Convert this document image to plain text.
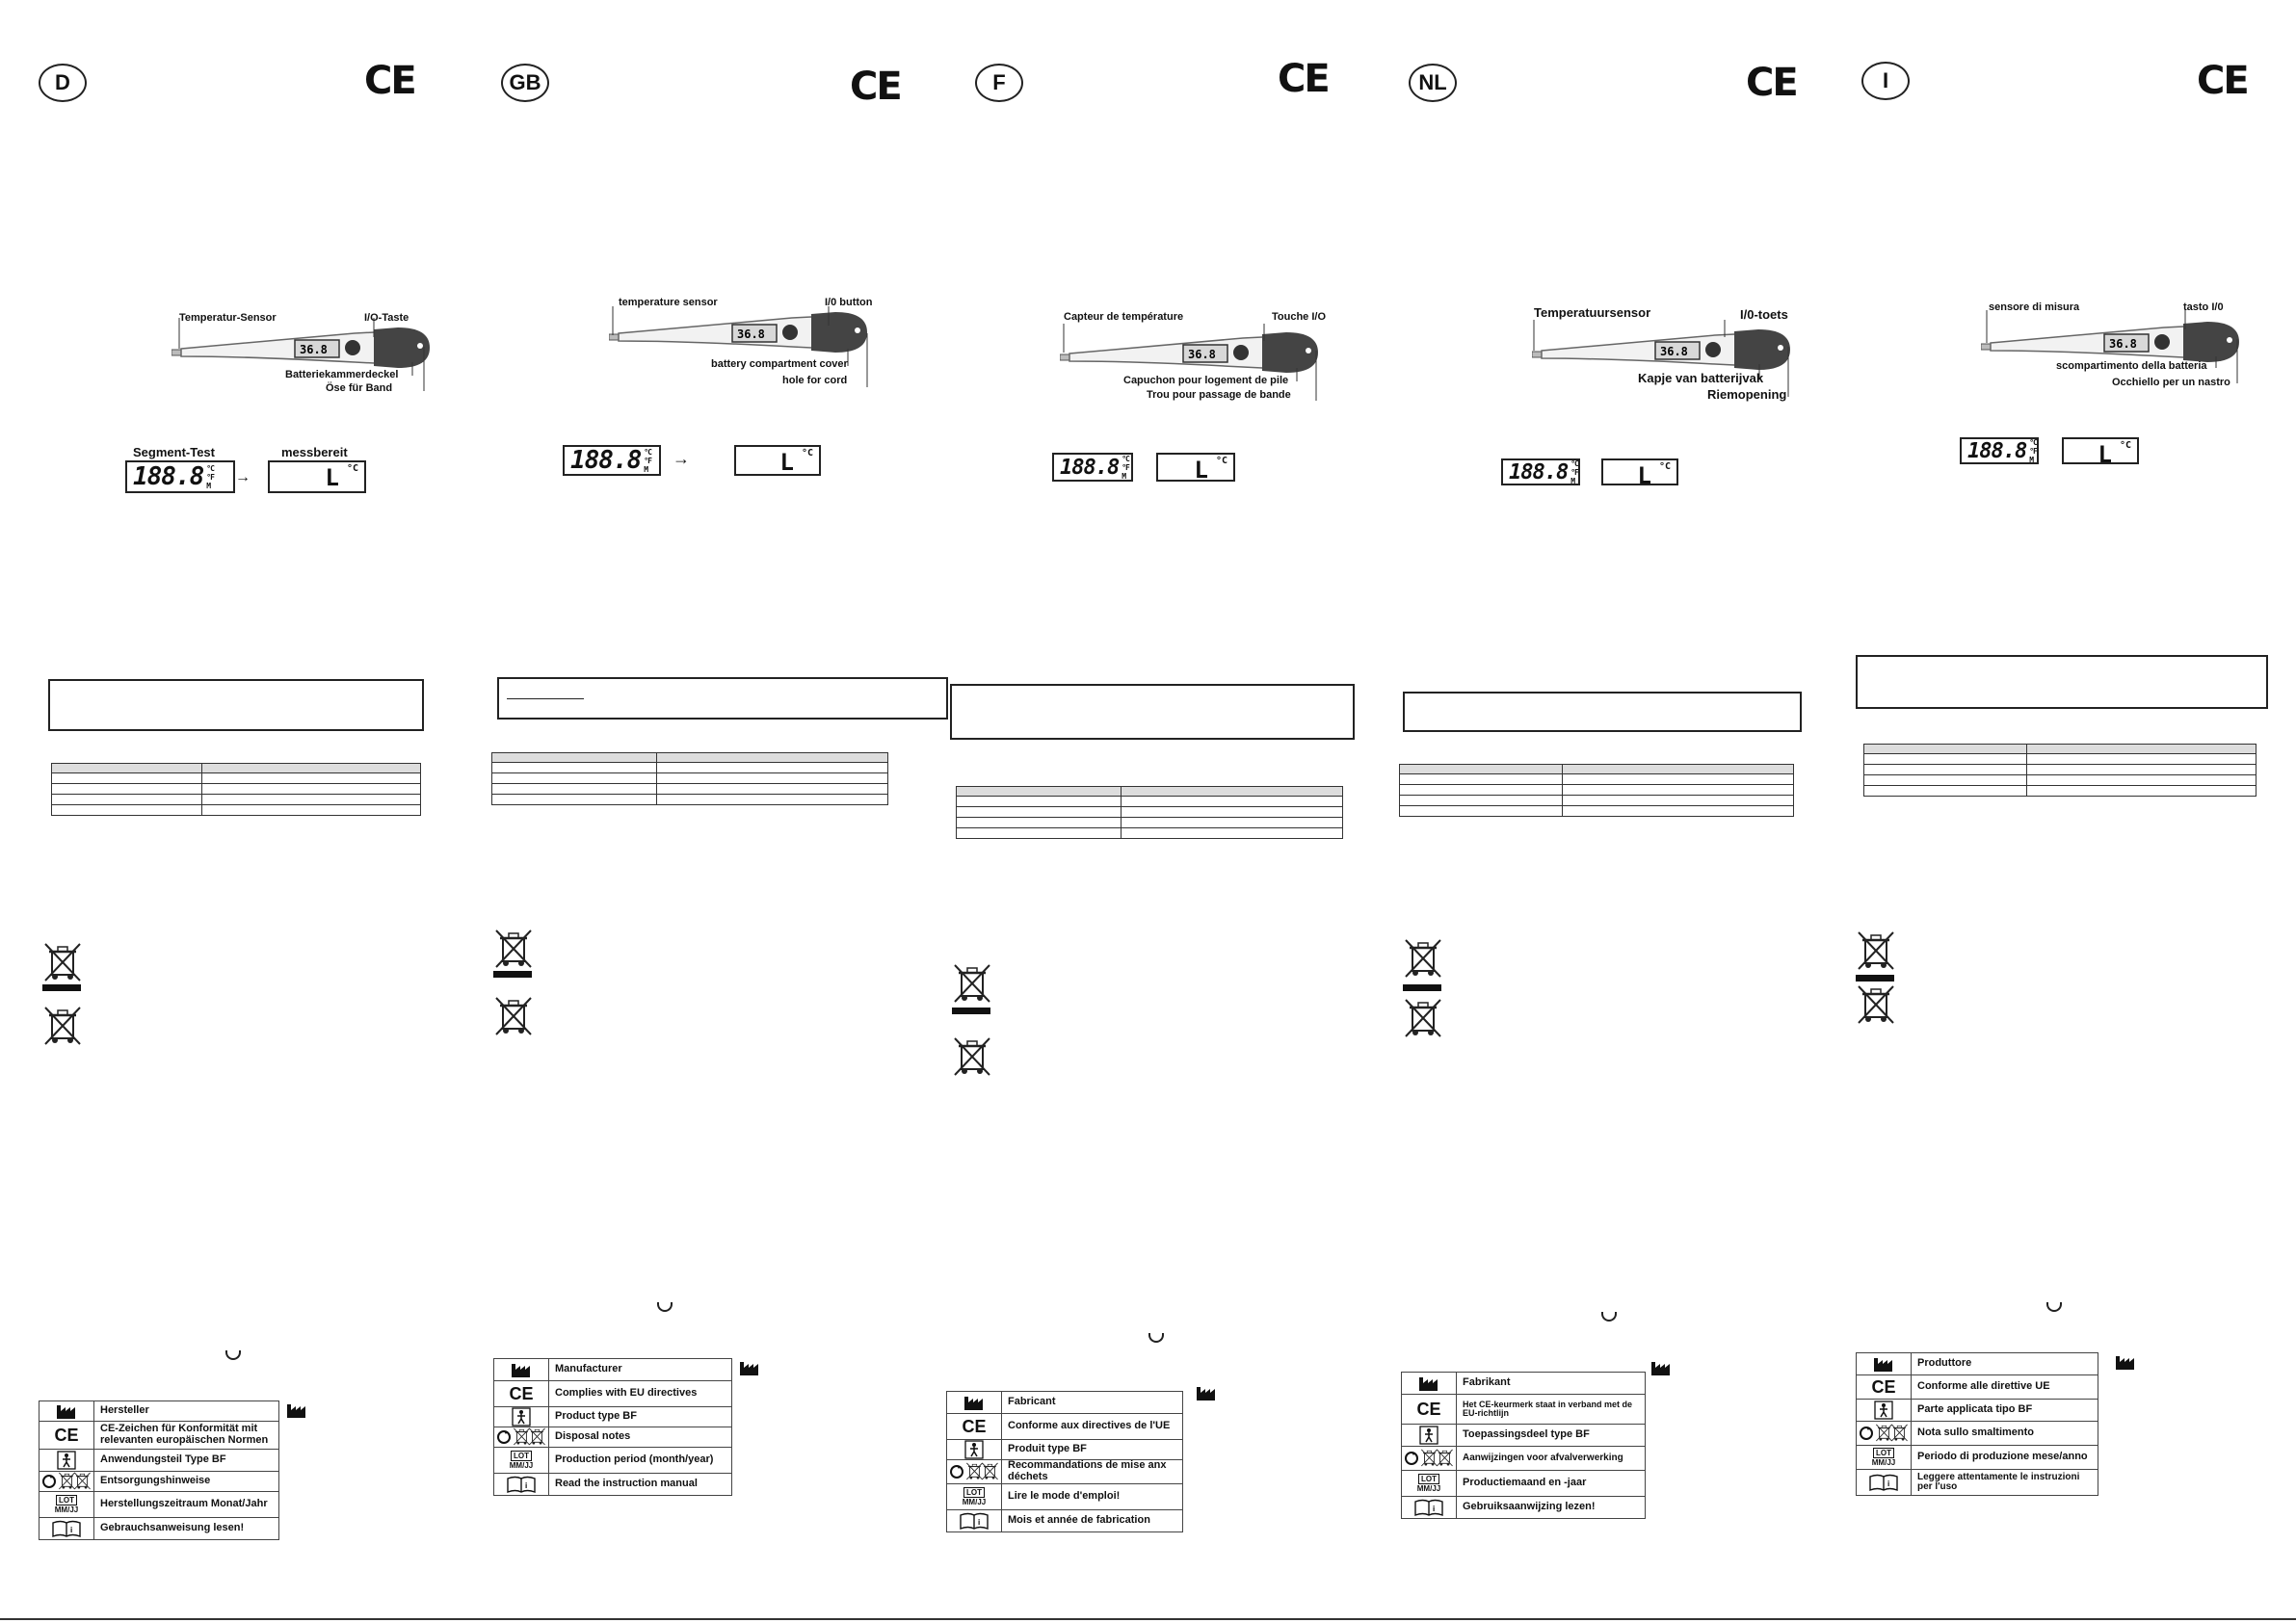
D	CE
36.8
Temperatur-Sensor	I/O-Taste
Batteriekammerdeckel
Öse für Band
Segment-Test	messbereit
188.8 °C
°F
M →	L °C

Hersteller
CE	CE-Zeichen für Konformität mit relevanten europäischen Normen
Anwendungsteil Type BF
Entsorgungshinweise
LOT
MM/JJ
Herstellungszeitraum Monat/Jahr
Gebrauchsanweisung lesen!
GB	CE
36.8
temperature sensor	I/0 button
battery compartment cover
hole for cord
188.8 °C
°F
M
→	L °C

Manufacturer
CE	Complies with EU directives
Product type BF
Disposal notes
LOT
MM/JJ
Production period (month/year)
Read the instruction manual
F	CE
36.8
Capteur de température	Touche I/O
Capuchon pour logement de pile
Trou pour passage de bande
188.8 °C
°F
M	L °C

Fabricant
CE	Conforme aux directives de l'UE
Produit type BF
Recommandations de mise anx déchets
LOT
MM/JJ
Lire le mode d'emploi!
Mois et année de fabrication
NL	CE
36.8
Temperatuursensor	I/0-toets
Kapje van batterijvak
Riemopening
188.8 °C
°F
M	L °C

Fabrikant
CE	Het CE-keurmerk staat in verband met de EU-richtlijn
Toepassingsdeel type BF
Aanwijzingen voor afvalverwerking
LOT
MM/JJ
Productiemaand en -jaar
Gebruiksaanwijzing lezen!
I	CE
36.8
sensore di misura	tasto I/0
scompartimento della batteria
Occhiello per un nastro
188.8 °C
°F
M	L °C

Produttore
CE	Conforme alle direttive UE
Parte applicata tipo BF
Nota sullo smaltimento
LOT
MM/JJ
Periodo di produzione mese/anno
Leggere attentamente le instruzioni per l'uso
